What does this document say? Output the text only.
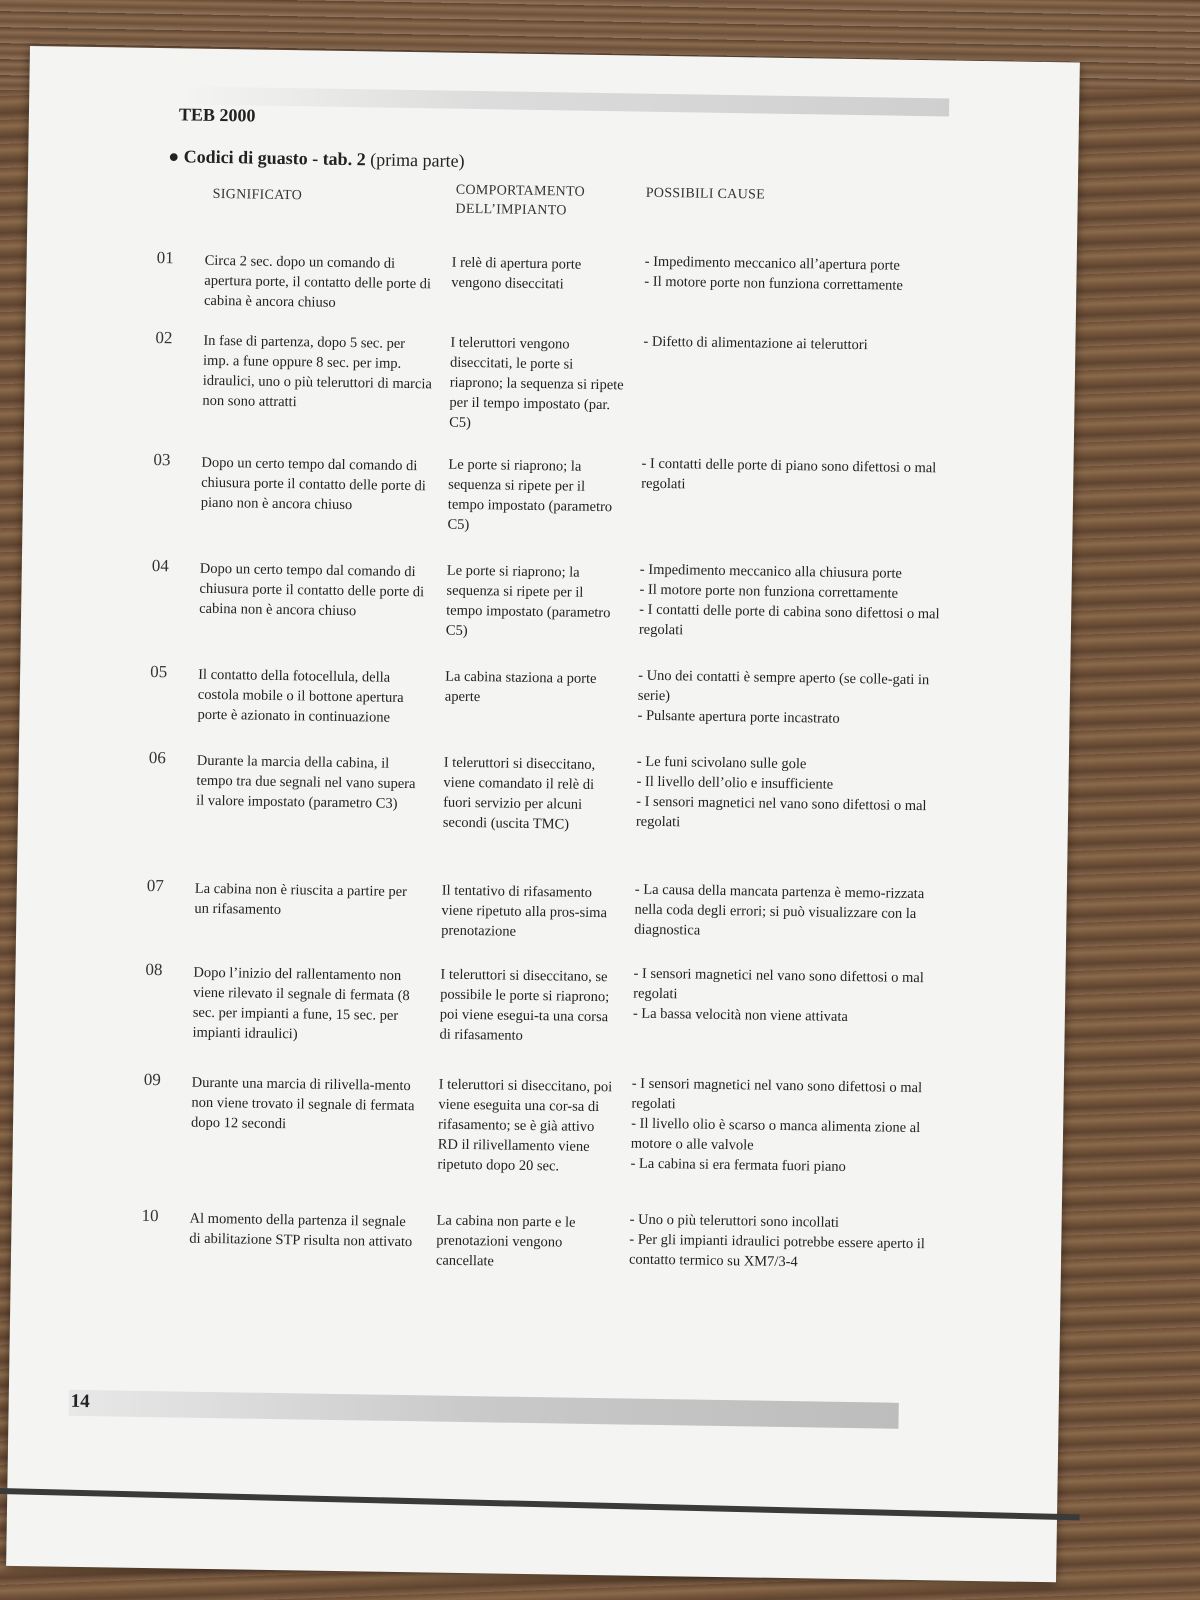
TEB 2000
● Codici di guasto - tab. 2 (prima parte)
SIGNIFICATO	COMPORTAMENTO DELL’IMPIANTO
POSSIBILI CAUSE
01 Circa 2 sec. dopo un comando di apertura porte, il contatto delle porte di cabina è ancora chiuso
I relè di apertura porte vengono diseccitati
- Impedimento meccanico all’apertura porte
- Il motore porte non funziona correttamente
02 In fase di partenza, dopo 5 sec. per imp. a fune oppure 8 sec. per imp. idraulici, uno o più teleruttori di marcia non sono attratti
I teleruttori vengono diseccitati, le porte si riaprono; la sequenza si ripete per il tempo impostato (par. C5)
- Difetto di alimentazione ai teleruttori
03 Dopo un certo tempo dal comando di chiusura porte il contatto delle porte di piano non è ancora chiuso
Le porte si riaprono; la sequenza si ripete per il tempo impostato (parametro C5)
- I contatti delle porte di piano sono difettosi o mal regolati
04 Dopo un certo tempo dal comando di chiusura porte il contatto delle porte di cabina non è ancora chiuso
Le porte si riaprono; la sequenza si ripete per il tempo impostato (parametro C5)
- Impedimento meccanico alla chiusura porte
- Il motore porte non funziona correttamente
- I contatti delle porte di cabina sono difettosi o mal regolati
05 Il contatto della fotocellula, della costola mobile o il bottone apertura porte è azionato in continuazione
La cabina staziona a porte aperte
- Uno dei contatti è sempre aperto (se colle-gati in serie)
- Pulsante apertura porte incastrato
06 Durante la marcia della cabina, il tempo tra due segnali nel vano supera il valore impostato (parametro C3)
I teleruttori si diseccitano, viene comandato il relè di fuori servizio per alcuni secondi (uscita TMC)
- Le funi scivolano sulle gole
- Il livello dell’olio e insufficiente
- I sensori magnetici nel vano sono difettosi o mal regolati
07 La cabina non è riuscita a partire per un rifasamento
Il tentativo di rifasamento viene ripetuto alla pros-sima prenotazione
- La causa della mancata partenza è memo-rizzata nella coda degli errori; si può visualizzare con la diagnostica
08 Dopo l’inizio del rallentamento non viene rilevato il segnale di fermata (8 sec. per impianti a fune, 15 sec. per impianti idraulici)
I teleruttori si diseccitano, se possibile le porte si riaprono; poi viene esegui-ta una corsa di rifasamento
- I sensori magnetici nel vano sono difettosi o mal regolati
- La bassa velocità non viene attivata
09 Durante una marcia di rilivella-mento non viene trovato il segnale di fermata dopo 12 secondi
I teleruttori si diseccitano, poi viene eseguita una cor-sa di rifasamento; se è già attivo RD il rilivellamento viene ripetuto dopo 20 sec.
- I sensori magnetici nel vano sono difettosi o mal regolati
- Il livello olio è scarso o manca alimenta zione al motore o alle valvole
- La cabina si era fermata fuori piano
10 Al momento della partenza il segnale di abilitazione STP risulta non attivato
La cabina non parte e le prenotazioni vengono cancellate
- Uno o più teleruttori sono incollati
- Per gli impianti idraulici potrebbe essere aperto il contatto termico su XM7/3-4
14
